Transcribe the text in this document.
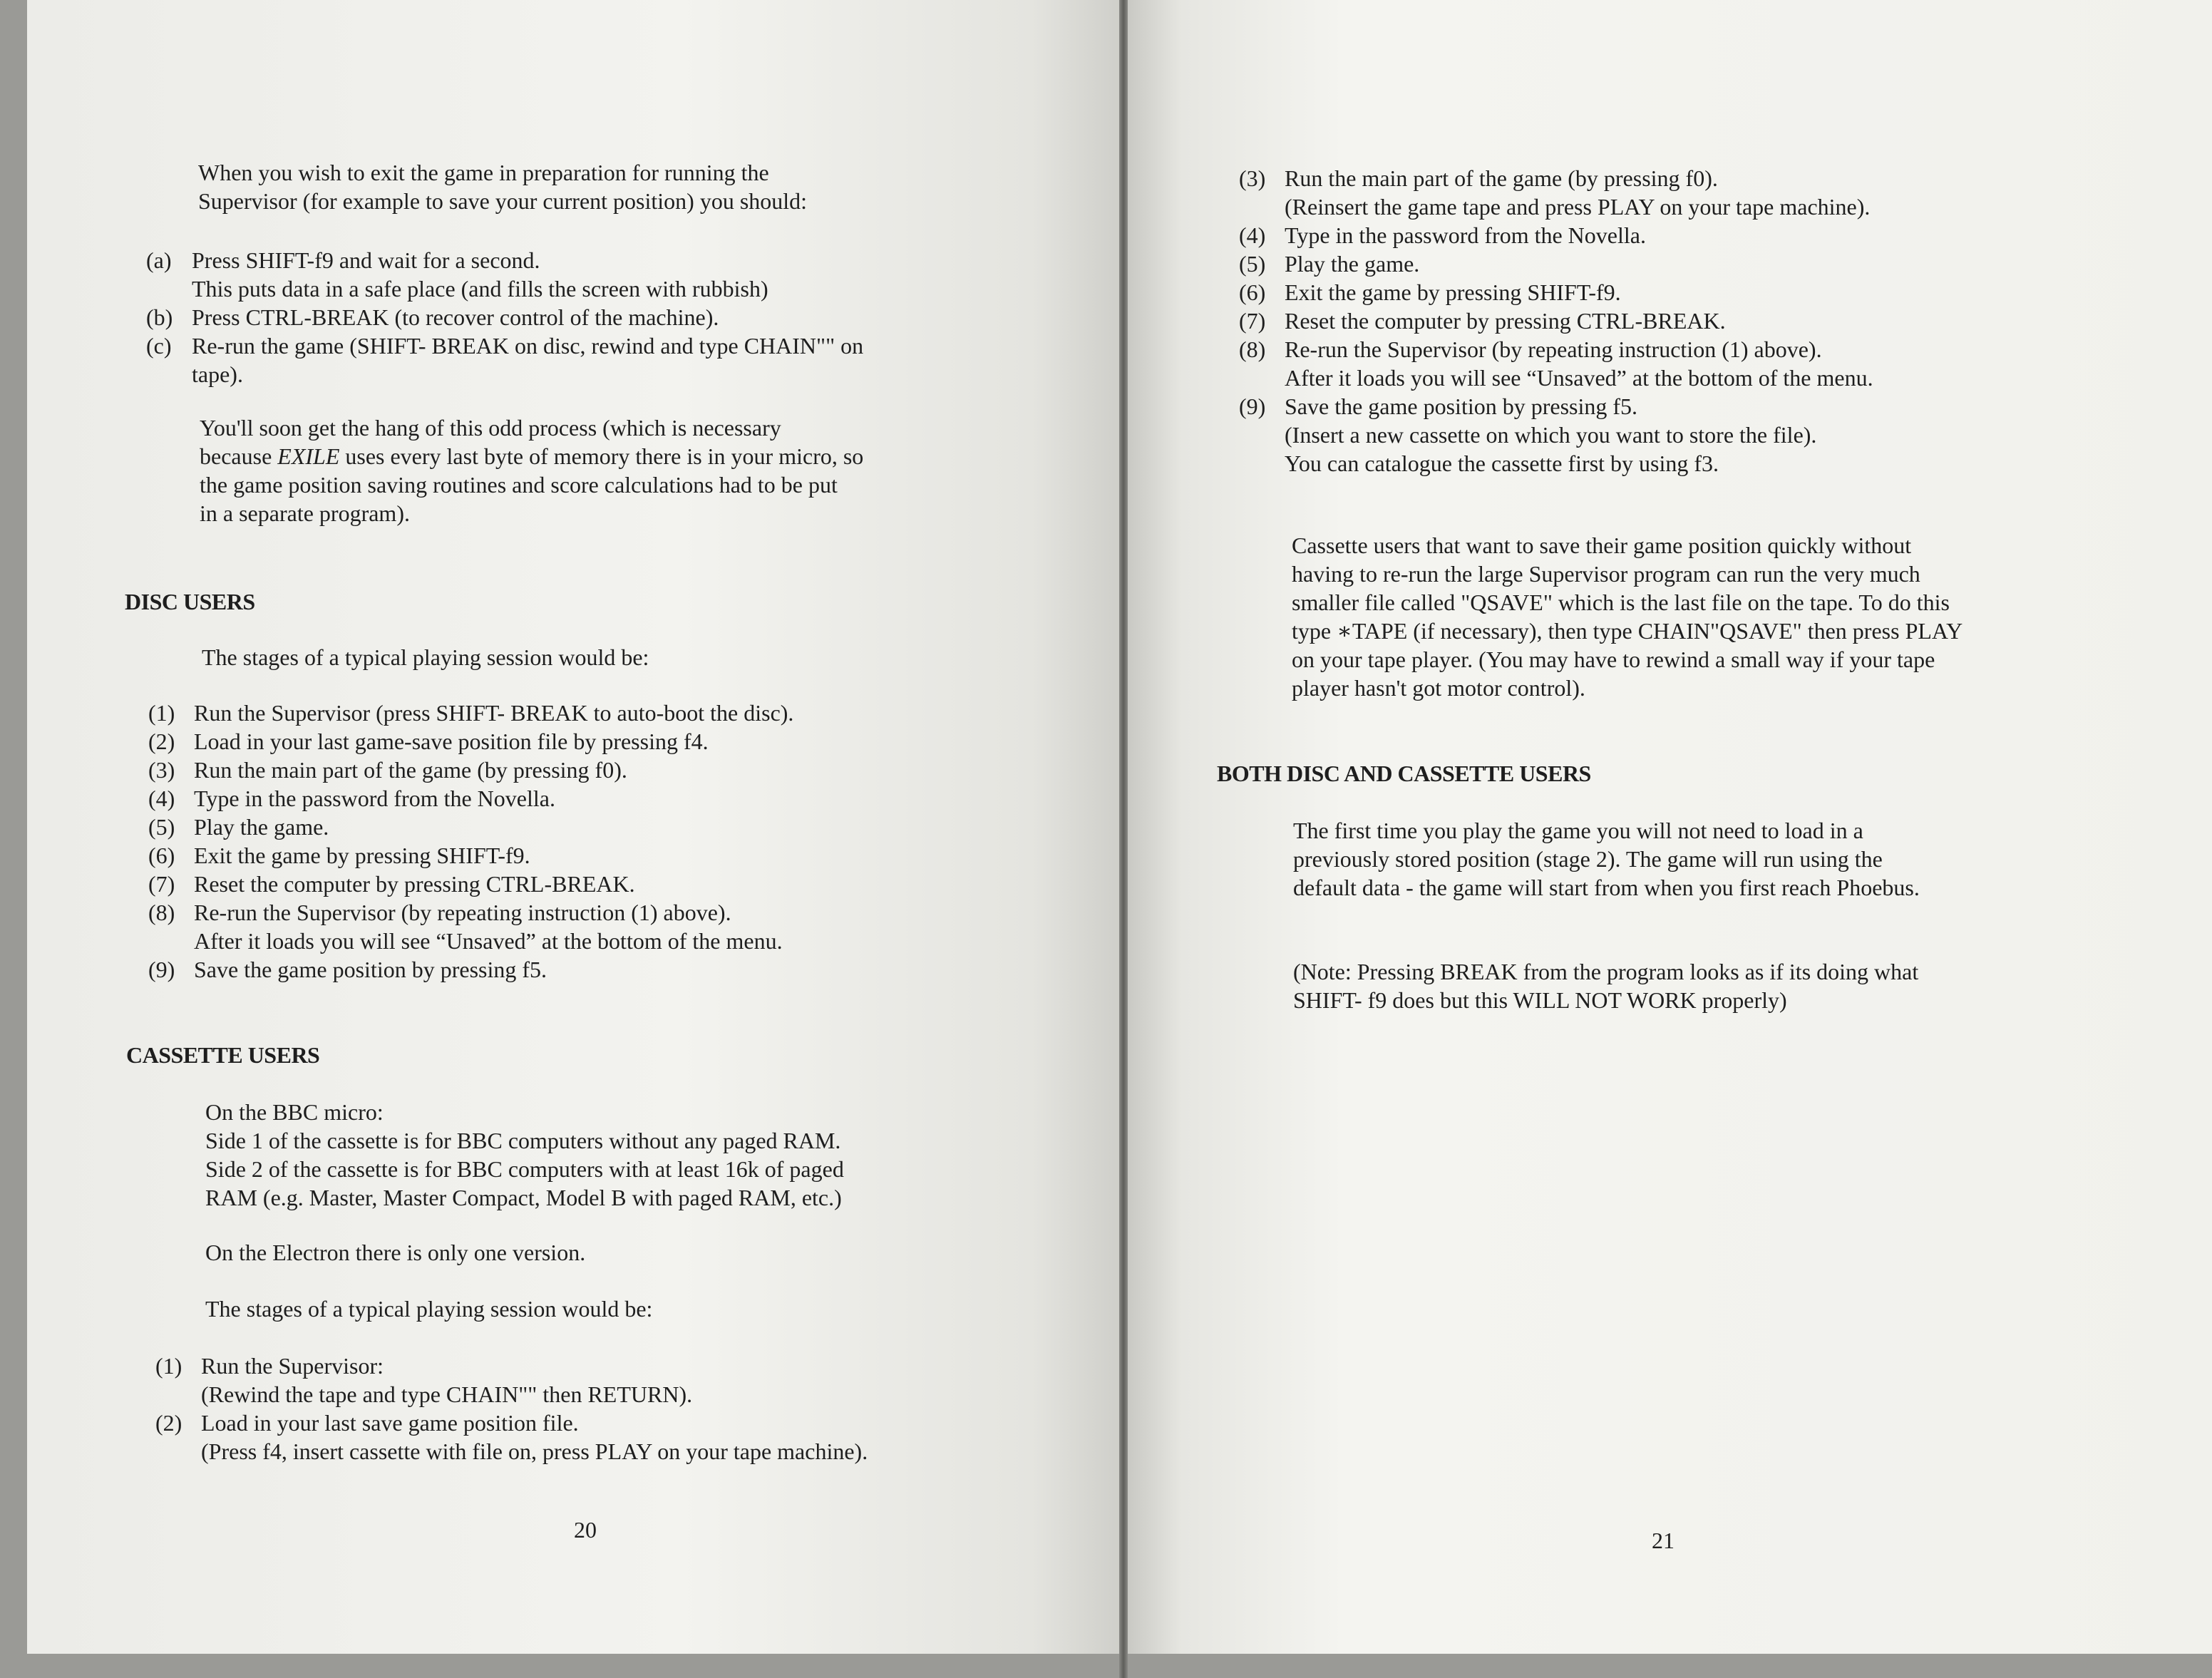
When you wish to exit the game in preparation for running the
Supervisor (for example to save your current position) you should:
(a) Press SHIFT-f9 and wait for a second.
This puts data in a safe place (and fills the screen with rubbish)
(b) Press CTRL-BREAK (to recover control of the machine).
(c) Re-run the game (SHIFT- BREAK on disc, rewind and type CHAIN"" on
tape).
You'll soon get the hang of this odd process (which is necessary
because EXILE uses every last byte of memory there is in your micro, so
the game position saving routines and score calculations had to be put
in a separate program).
DISC USERS
The stages of a typical playing session would be:
(1) Run the Supervisor (press SHIFT- BREAK to auto-boot the disc).
(2) Load in your last game-save position file by pressing f4.
(3) Run the main part of the game (by pressing f0).
(4) Type in the password from the Novella.
(5) Play the game.
(6) Exit the game by pressing SHIFT-f9.
(7) Reset the computer by pressing CTRL-BREAK.
(8) Re-run the Supervisor (by repeating instruction (1) above).
After it loads you will see “Unsaved” at the bottom of the menu.
(9) Save the game position by pressing f5.
CASSETTE USERS
On the BBC micro:
Side 1 of the cassette is for BBC computers without any paged RAM.
Side 2 of the cassette is for BBC computers with at least 16k of paged
RAM (e.g. Master, Master Compact, Model B with paged RAM, etc.)
On the Electron there is only one version.
The stages of a typical playing session would be:
(1) Run the Supervisor:
(Rewind the tape and type CHAIN"" then RETURN).
(2) Load in your last save game position file.
(Press f4, insert cassette with file on, press PLAY on your tape machine).
20
(3) Run the main part of the game (by pressing f0).
(Reinsert the game tape and press PLAY on your tape machine).
(4) Type in the password from the Novella.
(5) Play the game.
(6) Exit the game by pressing SHIFT-f9.
(7) Reset the computer by pressing CTRL-BREAK.
(8) Re-run the Supervisor (by repeating instruction (1) above).
After it loads you will see “Unsaved” at the bottom of the menu.
(9) Save the game position by pressing f5.
(Insert a new cassette on which you want to store the file).
You can catalogue the cassette first by using f3.
Cassette users that want to save their game position quickly without
having to re-run the large Supervisor program can run the very much
smaller file called "QSAVE" which is the last file on the tape. To do this
type ∗TAPE (if necessary), then type CHAIN"QSAVE" then press PLAY
on your tape player. (You may have to rewind a small way if your tape
player hasn't got motor control).
BOTH DISC AND CASSETTE USERS
The first time you play the game you will not need to load in a
previously stored position (stage 2). The game will run using the
default data - the game will start from when you first reach Phoebus.
(Note: Pressing BREAK from the program looks as if its doing what
SHIFT- f9 does but this WILL NOT WORK properly)
21
